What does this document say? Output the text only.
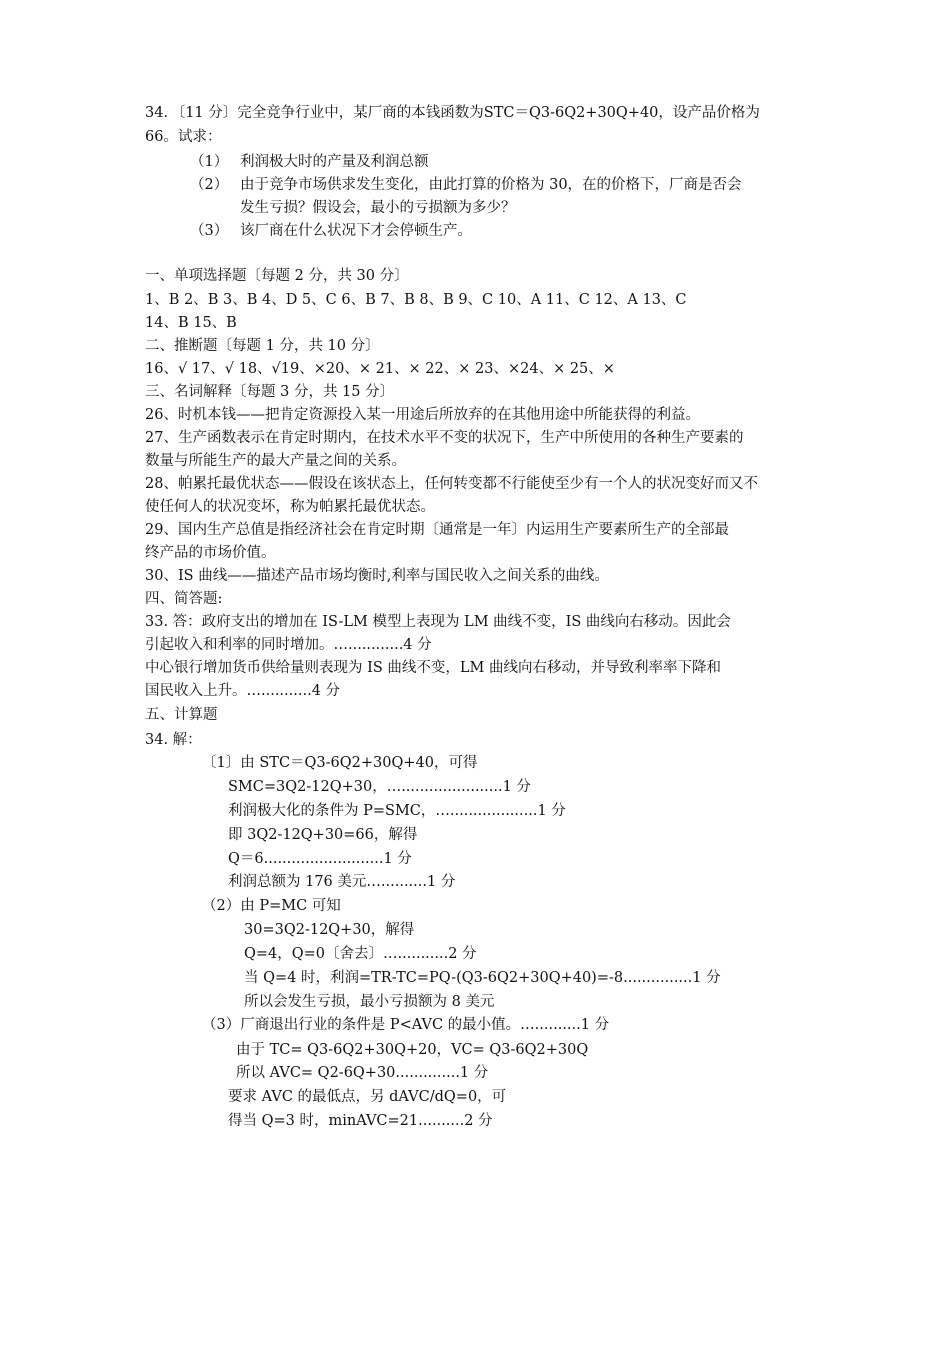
34．〔11 分〕完全竞争行业中，某厂商的本钱函数为STC＝Q3-6Q2+30Q+40，设产品价格为
66。试求：
（1） 利润极大时的产量及利润总额
（2） 由于竞争市场供求发生变化，由此打算的价格为 30，在的价格下，厂商是否会
发生亏损？假设会，最小的亏损额为多少？
（3） 该厂商在什么状况下才会停顿生产。
一、单项选择题〔每题 2 分，共 30 分〕
1、B 2、B 3、B 4、D 5、C 6、B 7、B 8、B 9、C 10、A 11、C 12、A 13、C
14、B 15、B
二、推断题〔每题 1 分，共 10 分〕
16、√ 17、√ 18、√19、×20、× 21、× 22、× 23、×24、× 25、×
三、名词解释〔每题 3 分，共 15 分〕
26、时机本钱——把肯定资源投入某一用途后所放弃的在其他用途中所能获得的利益。
27、生产函数表示在肯定时期内，在技术水平不变的状况下，生产中所使用的各种生产要素的
数量与所能生产的最大产量之间的关系。
28、帕累托最优状态——假设在该状态上，任何转变都不行能使至少有一个人的状况变好而又不
使任何人的状况变坏，称为帕累托最优状态。
29、国内生产总值是指经济社会在肯定时期〔通常是一年〕内运用生产要素所生产的全部最
终产品的市场价值。
30、IS 曲线——描述产品市场均衡时,利率与国民收入之间关系的曲线。
四、简答题:
33. 答：政府支出的增加在 IS-LM 模型上表现为 LM 曲线不变，IS 曲线向右移动。因此会
引起收入和利率的同时增加。…............4 分
中心银行增加货币供给量则表现为 IS 曲线不变，LM 曲线向右移动，并导致利率率下降和
国民收入上升。…...........4 分
五、计算题
34. 解：
〔1〕由 STC＝Q3-6Q2+30Q+40，可得
SMC=3Q2-12Q+30，…......................1 分
利润极大化的条件为 P=SMC，…...................1 分
即 3Q2-12Q+30=66，解得
Q＝6..........................1 分
利润总额为 176 美元…..........1 分
（2）由 P=MC 可知
30=3Q2-12Q+30，解得
Q=4，Q=0〔舍去〕…...........2 分
当 Q=4 时，利润=TR-TC=PQ-(Q3-6Q2+30Q+40)=-8...............1 分
所以会发生亏损，最小亏损额为 8 美元
（3）厂商退出行业的条件是 P<AVC 的最小值。…..........1 分
由于 TC= Q3-6Q2+30Q+20，VC= Q3-6Q2+30Q
所以 AVC= Q2-6Q+30..............1 分
要求 AVC 的最低点，另 dAVC/dQ=0，可
得当 Q=3 时，minAVC=21..........2 分
